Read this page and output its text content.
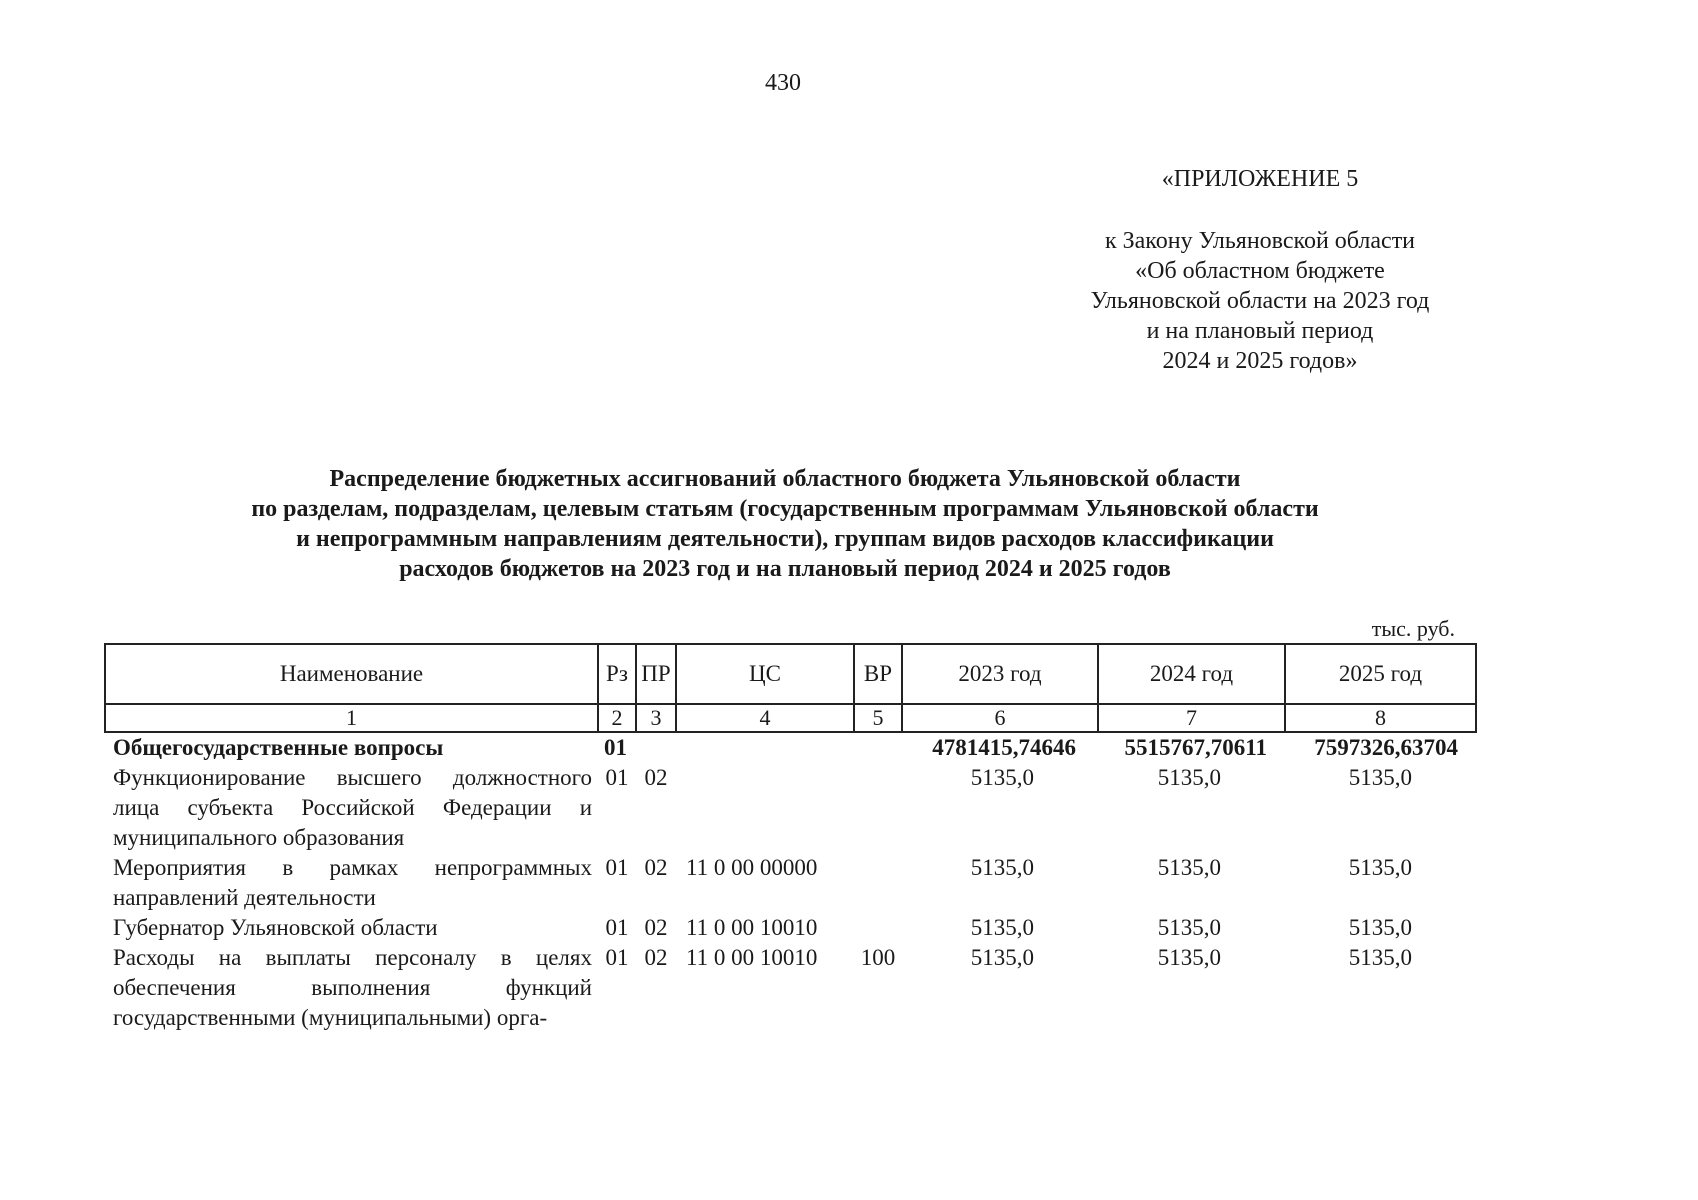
430
«ПРИЛОЖЕНИЕ 5
к Закону Ульяновской области
«Об областном бюджете
Ульяновской области на 2023 год
и на плановый период
2024 и 2025 годов»
Распределение бюджетных ассигнований областного бюджета Ульяновской области
по разделам, подразделам, целевым статьям (государственным программам Ульяновской области
и непрограммным направлениям деятельности), группам видов расходов классификации
расходов бюджетов на 2023 год и на плановый период 2024 и 2025 годов
тыс. руб.
Наименование	Рз	ПР	ЦС	ВР	2023 год	2024 год	2025 год
1	2	3	4	5	6	7	8
Общегосударственные вопросы	01				4781415,74646	5515767,70611	7597326,63704
Функционирование высшего должностного лица субъекта Российской Федерации и муниципального образования	01	02			5135,0	5135,0	5135,0
Мероприятия в рамках непрограммных направлений деятельности	01	02	11 0 00 00000		5135,0	5135,0	5135,0
Губернатор Ульяновской области	01	02	11 0 00 10010		5135,0	5135,0	5135,0
Расходы на выплаты персоналу в целях обеспечения выполнения функций государственными (муниципальными) орга-	01	02	11 0 00 10010	100	5135,0	5135,0	5135,0
